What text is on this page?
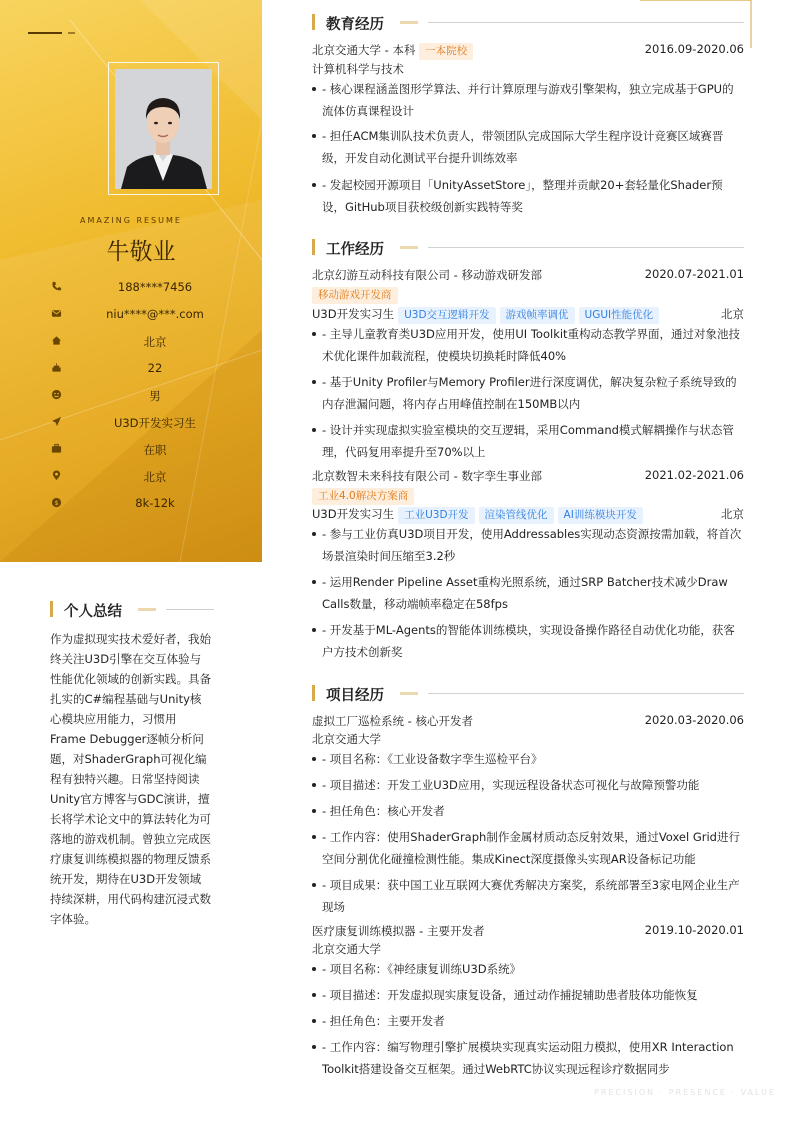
AMAZING RESUME
牛敬业
188****7456
niu****@***.com
北京
22
男
U3D开发实习生
在职
北京
$	8k-12k
个人总结
作为虚拟现实技术爱好者，我始终关注U3D引擎在交互体验与性能优化领域的创新实践。具备扎实的C#编程基础与Unity核心模块应用能力，习惯用Frame Debugger逐帧分析问题，对ShaderGraph可视化编程有独特兴趣。日常坚持阅读Unity官方博客与GDC演讲，擅长将学术论文中的算法转化为可落地的游戏机制。曾独立完成医疗康复训练模拟器的物理反馈系统开发，期待在U3D开发领域持续深耕，用代码构建沉浸式数字体验。
教育经历
北京交通大学 - 本科 一本院校	2016.09-2020.06
计算机科学与技术
- 核心课程涵盖图形学算法、并行计算原理与游戏引擎架构，独立完成基于GPU的流体仿真课程设计
- 担任ACM集训队技术负责人，带领团队完成国际大学生程序设计竞赛区域赛晋级，开发自动化测试平台提升训练效率
- 发起校园开源项目「UnityAssetStore」，整理并贡献20+套轻量化Shader预设，GitHub项目获校级创新实践特等奖
工作经历
北京幻游互动科技有限公司 - 移动游戏研发部	2020.07-2021.01
移动游戏开发商
U3D开发实习生 U3D交互逻辑开发 游戏帧率调优 UGUI性能优化	北京
- 主导儿童教育类U3D应用开发，使用UI Toolkit重构动态教学界面，通过对象池技术优化课件加载流程，使模块切换耗时降低40%
- 基于Unity Profiler与Memory Profiler进行深度调优，解决复杂粒子系统导致的内存泄漏问题，将内存占用峰值控制在150MB以内
- 设计并实现虚拟实验室模块的交互逻辑，采用Command模式解耦操作与状态管理，代码复用率提升至70%以上
北京数智未来科技有限公司 - 数字孪生事业部	2021.02-2021.06
工业4.0解决方案商
U3D开发实习生 工业U3D开发 渲染管线优化 AI训练模块开发	北京
- 参与工业仿真U3D项目开发，使用Addressables实现动态资源按需加载，将首次场景渲染时间压缩至3.2秒
- 运用Render Pipeline Asset重构光照系统，通过SRP Batcher技术减少Draw Calls数量，移动端帧率稳定在58fps
- 开发基于ML-Agents的智能体训练模块，实现设备操作路径自动优化功能，获客户方技术创新奖
项目经历
虚拟工厂巡检系统 - 核心开发者	2020.03-2020.06
北京交通大学
- 项目名称：《工业设备数字孪生巡检平台》
- 项目描述：开发工业U3D应用，实现远程设备状态可视化与故障预警功能
- 担任角色：核心开发者
- 工作内容：使用ShaderGraph制作金属材质动态反射效果，通过Voxel Grid进行空间分割优化碰撞检测性能。集成Kinect深度摄像头实现AR设备标记功能
- 项目成果：获中国工业互联网大赛优秀解决方案奖，系统部署至3家电网企业生产现场
医疗康复训练模拟器 - 主要开发者	2019.10-2020.01
北京交通大学
- 项目名称：《神经康复训练U3D系统》
- 项目描述：开发虚拟现实康复设备，通过动作捕捉辅助患者肢体功能恢复
- 担任角色：主要开发者
- 工作内容：编写物理引擎扩展模块实现真实运动阻力模拟，使用XR Interaction Toolkit搭建设备交互框架。通过WebRTC协议实现远程诊疗数据同步
PRECISION · PRESENCE · VALUE
